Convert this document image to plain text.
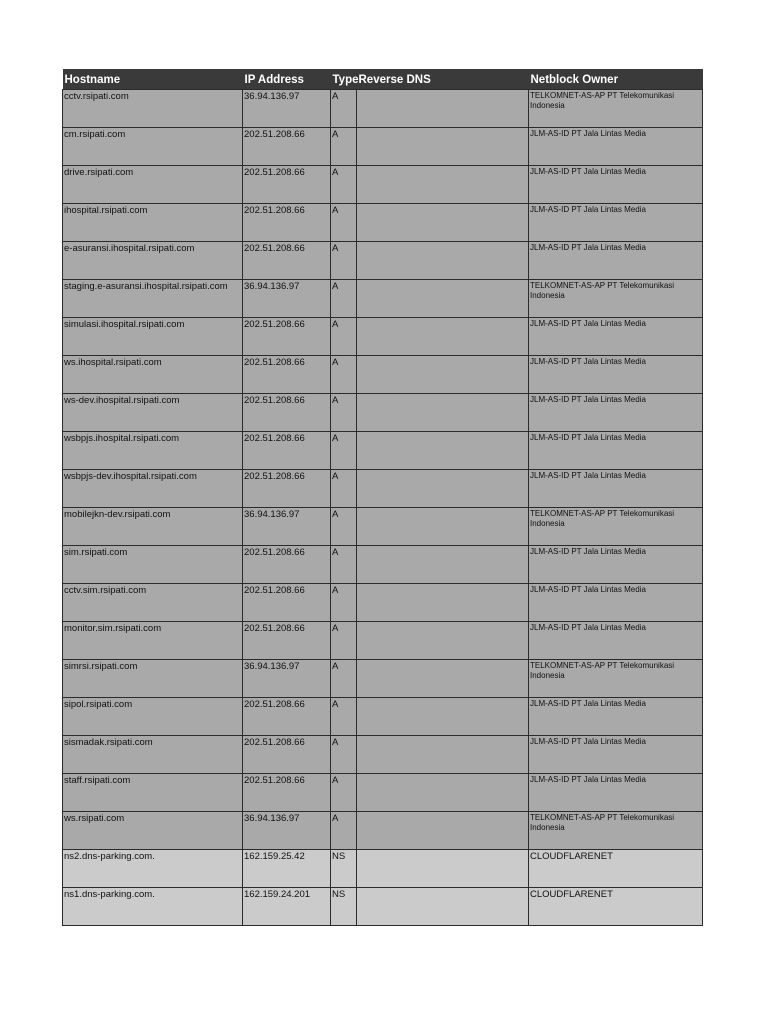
Hostname	IP Address	Type	Reverse DNS	Netblock Owner
cctv.rsipati.com	36.94.136.97	A		TELKOMNET-AS-AP PT Telekomunikasi Indonesia
cm.rsipati.com	202.51.208.66	A		JLM-AS-ID PT Jala Lintas Media
drive.rsipati.com	202.51.208.66	A		JLM-AS-ID PT Jala Lintas Media
ihospital.rsipati.com	202.51.208.66	A		JLM-AS-ID PT Jala Lintas Media
e-asuransi.ihospital.rsipati.com	202.51.208.66	A		JLM-AS-ID PT Jala Lintas Media
staging.e-asuransi.ihospital.rsipati.com	36.94.136.97	A		TELKOMNET-AS-AP PT Telekomunikasi Indonesia
simulasi.ihospital.rsipati.com	202.51.208.66	A		JLM-AS-ID PT Jala Lintas Media
ws.ihospital.rsipati.com	202.51.208.66	A		JLM-AS-ID PT Jala Lintas Media
ws-dev.ihospital.rsipati.com	202.51.208.66	A		JLM-AS-ID PT Jala Lintas Media
wsbpjs.ihospital.rsipati.com	202.51.208.66	A		JLM-AS-ID PT Jala Lintas Media
wsbpjs-dev.ihospital.rsipati.com	202.51.208.66	A		JLM-AS-ID PT Jala Lintas Media
mobilejkn-dev.rsipati.com	36.94.136.97	A		TELKOMNET-AS-AP PT Telekomunikasi Indonesia
sim.rsipati.com	202.51.208.66	A		JLM-AS-ID PT Jala Lintas Media
cctv.sim.rsipati.com	202.51.208.66	A		JLM-AS-ID PT Jala Lintas Media
monitor.sim.rsipati.com	202.51.208.66	A		JLM-AS-ID PT Jala Lintas Media
simrsi.rsipati.com	36.94.136.97	A		TELKOMNET-AS-AP PT Telekomunikasi Indonesia
sipol.rsipati.com	202.51.208.66	A		JLM-AS-ID PT Jala Lintas Media
sismadak.rsipati.com	202.51.208.66	A		JLM-AS-ID PT Jala Lintas Media
staff.rsipati.com	202.51.208.66	A		JLM-AS-ID PT Jala Lintas Media
ws.rsipati.com	36.94.136.97	A		TELKOMNET-AS-AP PT Telekomunikasi Indonesia
ns2.dns-parking.com.	162.159.25.42	NS		CLOUDFLARENET
ns1.dns-parking.com.	162.159.24.201	NS		CLOUDFLARENET
